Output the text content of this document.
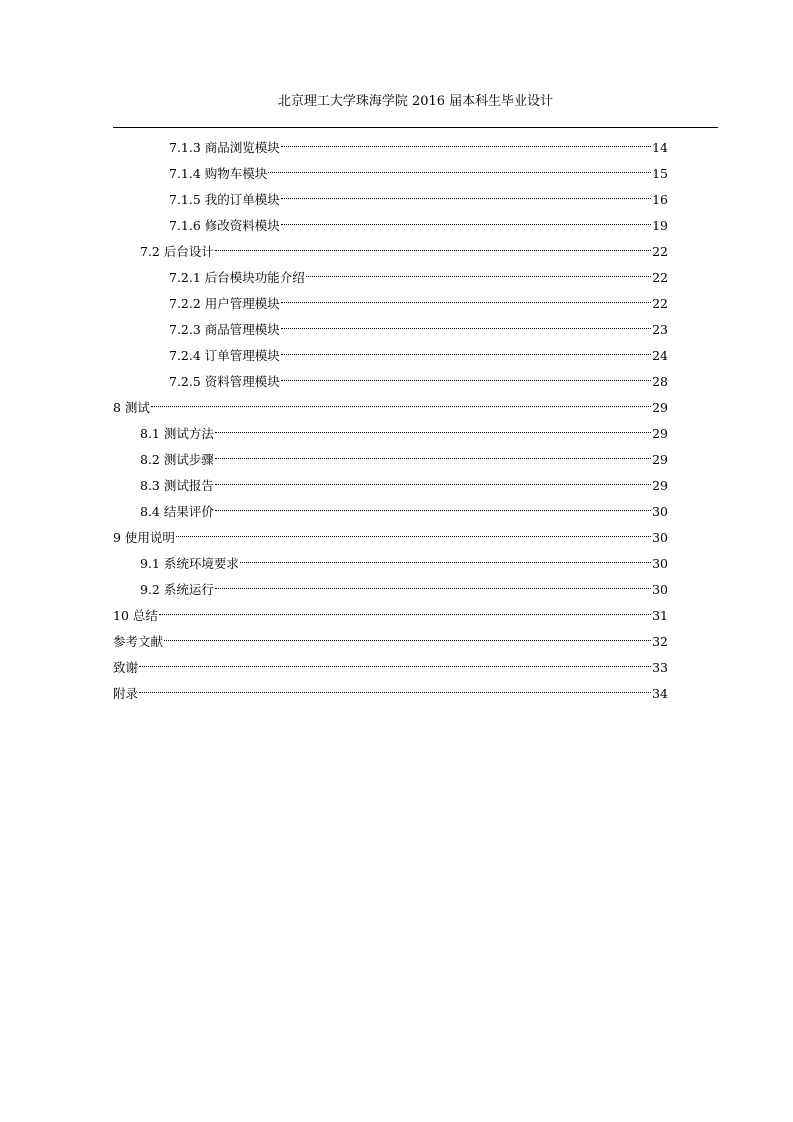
北京理工大学珠海学院 2016 届本科生毕业设计
7.1.3 商品浏览模块	14
7.1.4 购物车模块	15
7.1.5 我的订单模块	16
7.1.6 修改资料模块	19
7.2 后台设计	22
7.2.1 后台模块功能介绍	22
7.2.2 用户管理模块	22
7.2.3 商品管理模块	23
7.2.4 订单管理模块	24
7.2.5 资料管理模块	28
8 测试	29
8.1 测试方法	29
8.2 测试步骤	29
8.3 测试报告	29
8.4 结果评价	30
9 使用说明	30
9.1 系统环境要求	30
9.2 系统运行	30
10 总结	31
参考文献	32
致谢	33
附录	34
